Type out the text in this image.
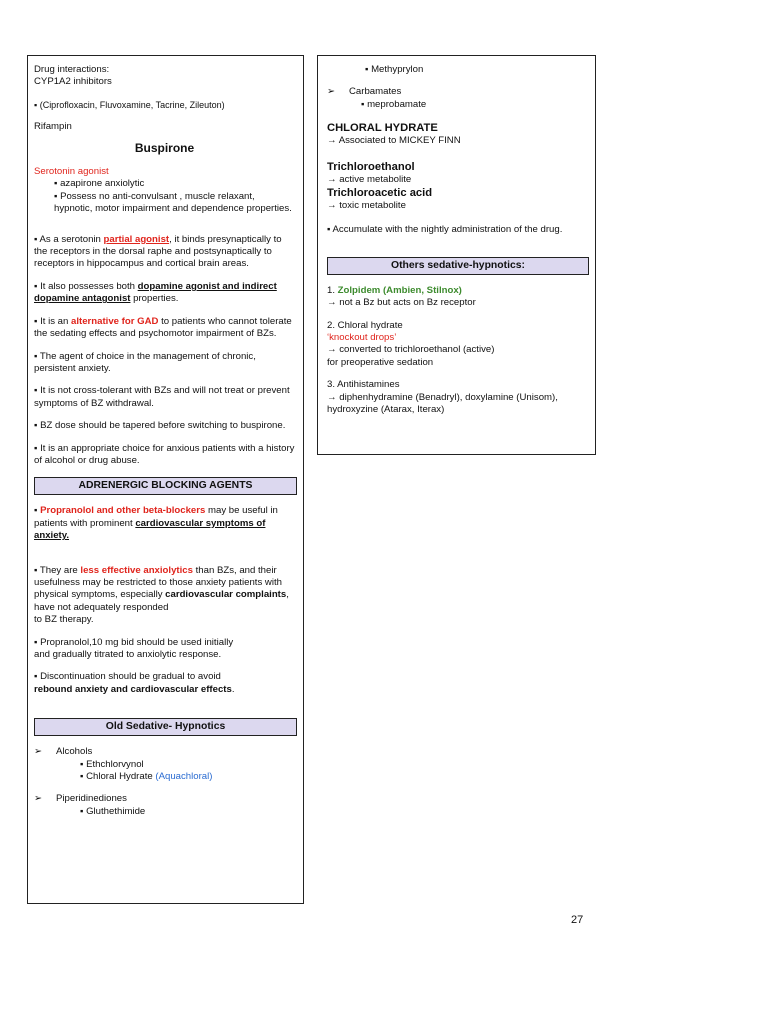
Drug interactions:
CYP1A2 inhibitors
▪ (Ciprofloxacin, Fluvoxamine, Tacrine, Zileuton)
Rifampin
Buspirone
Serotonin agonist
▪ azapirone anxiolytic
▪ Possess no anti-convulsant , muscle relaxant, hypnotic, motor impairment and dependence properties.
▪ As a serotonin partial agonist, it binds presynaptically to the receptors in the dorsal raphe and postsynaptically to receptors in hippocampus and cortical brain areas.
▪ It also possesses both dopamine agonist and indirect dopamine antagonist properties.
▪ It is an alternative for GAD to patients who cannot tolerate the sedating effects and psychomotor impairment of BZs.
▪ The agent of choice in the management of chronic, persistent anxiety.
▪ It is not cross-tolerant with BZs and will not treat or prevent symptoms of BZ withdrawal.
▪ BZ dose should be tapered before switching to buspirone.
▪ It is an appropriate choice for anxious patients with a history of alcohol or drug abuse.
ADRENERGIC BLOCKING AGENTS
▪ Propranolol and other beta-blockers may be useful in patients with prominent cardiovascular symptoms of anxiety.
▪ They are less effective anxiolytics than BZs, and their usefulness may be restricted to those anxiety patients with physical symptoms, especially cardiovascular complaints, have not adequately responded
to BZ therapy.
▪ Propranolol,10 mg bid should be used initially
and gradually titrated to anxiolytic response.
▪ Discontinuation should be gradual to avoid
rebound anxiety and cardiovascular effects.
Old Sedative- Hypnotics
➢	Alcohols
▪ Ethchlorvynol
▪ Chloral Hydrate (Aquachloral)
➢	Piperidinediones
▪ Gluthethimide
▪ Methyprylon
➢	Carbamates
▪ meprobamate
CHLORAL HYDRATE
→ Associated to MICKEY FINN
Trichloroethanol
→ active metabolite
Trichloroacetic acid
→ toxic metabolite
▪ Accumulate with the nightly administration of the drug.
Others sedative-hypnotics:
1. Zolpidem (Ambien, Stilnox)
→ not a Bz but acts on Bz receptor
2. Chloral hydrate
‘knockout drops’
→ converted to trichloroethanol (active)
for preoperative sedation
3. Antihistamines
→ diphenhydramine (Benadryl), doxylamine (Unisom), hydroxyzine (Atarax, Iterax)
27
